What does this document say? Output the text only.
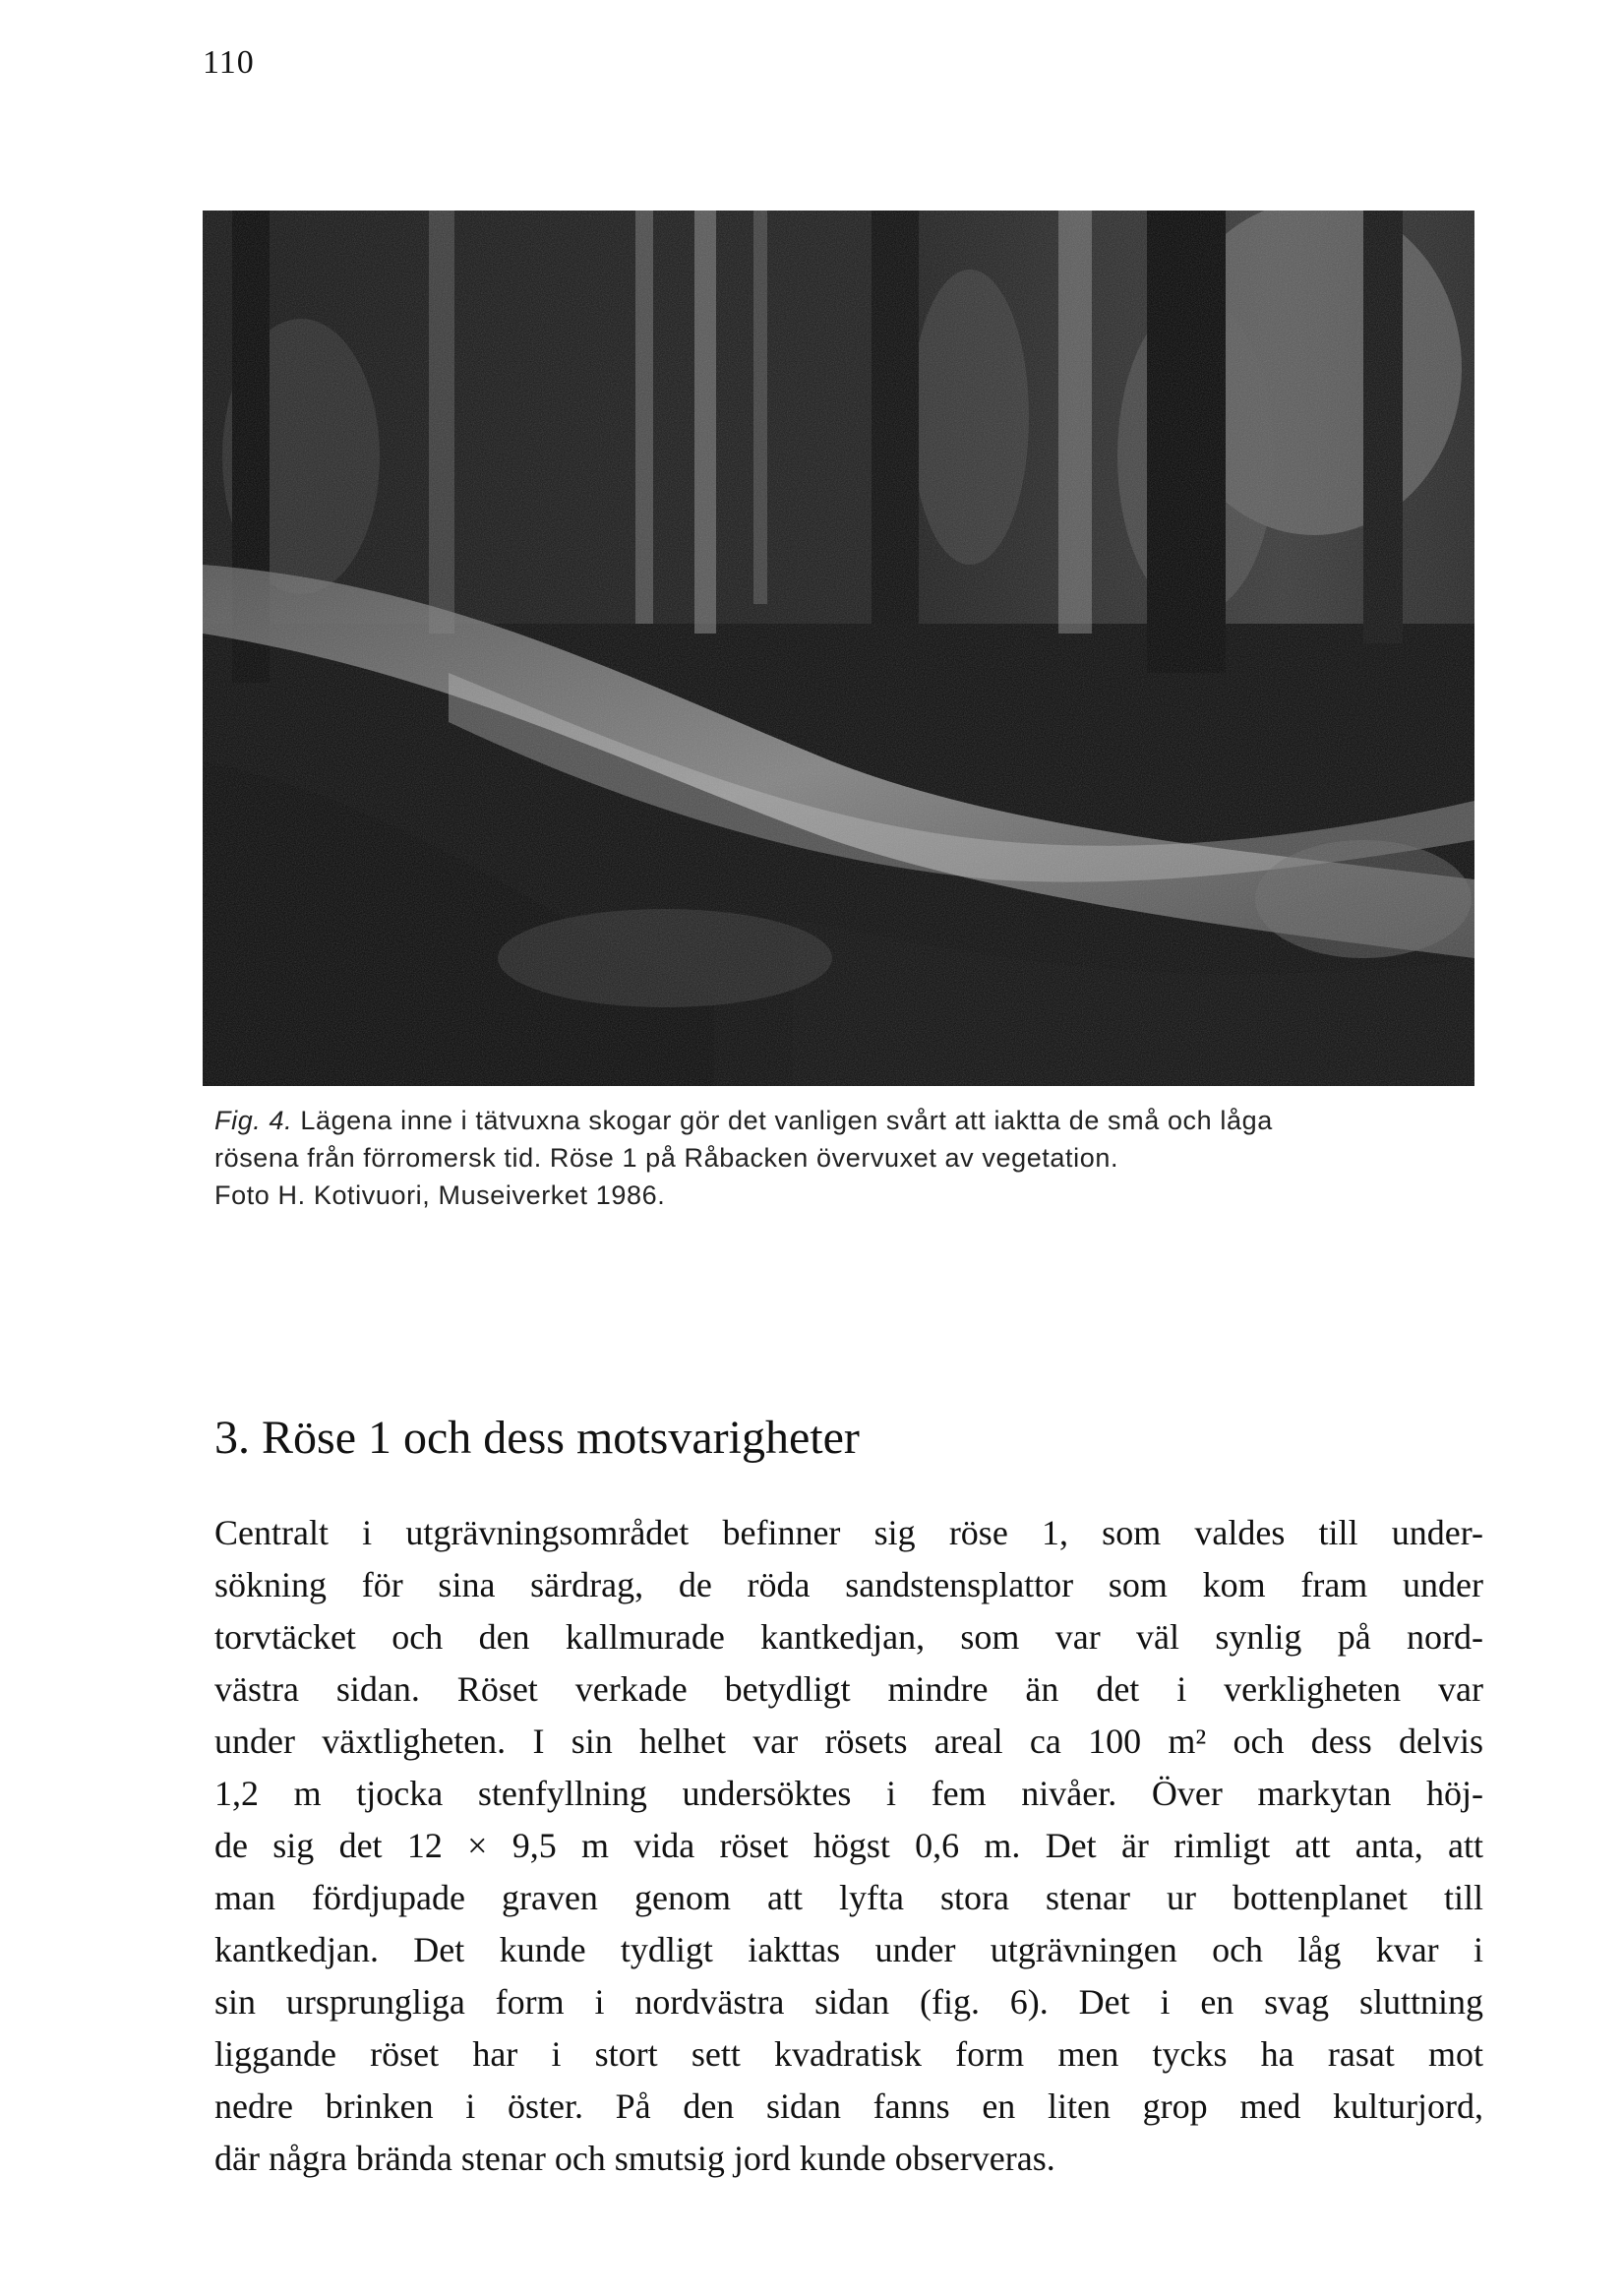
110
Fig. 4. Lägena inne i tätvuxna skogar gör det vanligen svårt att iaktta de små och låga
rösena från förromersk tid. Röse 1 på Råbacken övervuxet av vegetation.
Foto H. Kotivuori, Museiverket 1986.
3. Röse 1 och dess motsvarigheter
Centralt i utgrävningsområdet befinner sig röse 1, som valdes till under-
sökning för sina särdrag, de röda sandstensplattor som kom fram under
torvtäcket och den kallmurade kantkedjan, som var väl synlig på nord-
västra sidan. Röset verkade betydligt mindre än det i verkligheten var
under växtligheten. I sin helhet var rösets areal ca 100 m² och dess delvis
1,2 m tjocka stenfyllning undersöktes i fem nivåer. Över markytan höj-
de sig det 12 × 9,5 m vida röset högst 0,6 m. Det är rimligt att anta, att
man fördjupade graven genom att lyfta stora stenar ur bottenplanet till
kantkedjan. Det kunde tydligt iakttas under utgrävningen och låg kvar i
sin ursprungliga form i nordvästra sidan (fig. 6). Det i en svag sluttning
liggande röset har i stort sett kvadratisk form men tycks ha rasat mot
nedre brinken i öster. På den sidan fanns en liten grop med kulturjord,
där några brända stenar och smutsig jord kunde observeras.
